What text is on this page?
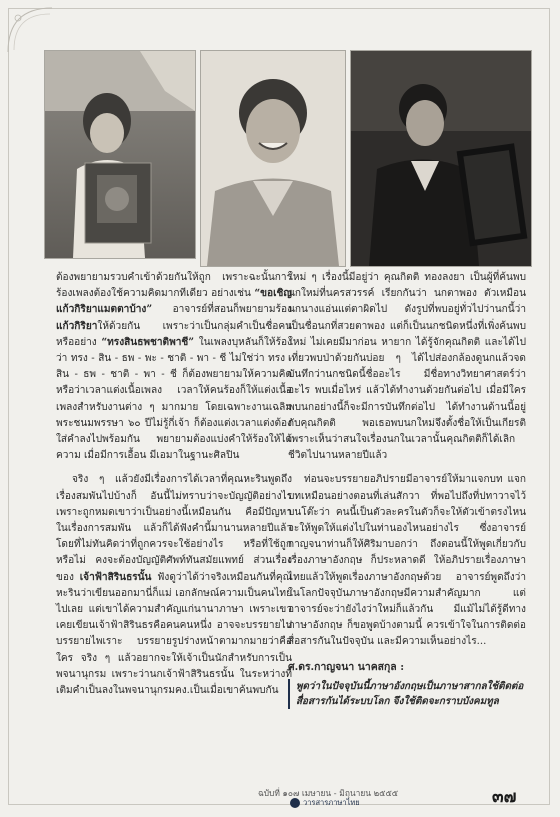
ต้องพยายามรวบคำเข้าด้วยกันให้ถูก เพราะฉะนั้นการร้องเพลงต้องใช้ความคิดมากทีเดียว อย่างเช่น “ขอเชิญแก้วกิริยาแมตตาบ้าง” อาจารย์ที่สอนก็พยายามร้องแก้วกิริยาให้ด้วยกัน เพราะว่าเป็นกลุ่มคำเป็นชื่อคน หรืออย่าง “ทรงสินธพชาติพาชี” ในเพลงบุหลันก็ให้ร้องว่า ทรง - สิน - ธพ - พะ - ชาติ - พา - ชี ไม่ใช่ว่า ทรง - สิน - ธพ - ชาติ - พา - ชี ก็ต้องพยายามให้ความคิด หรือว่าเวลาแต่งเนื้อเพลง เวลาให้คนร้องก็ให้แต่งเนื้อเพลงสำหรับงานต่าง ๆ มากมาย โดยเฉพาะงานเฉลิมพระชนมพรรษา ๖๐ ปีไม่รู้กี่เจ้า ก็ต้องแต่งเวลาแต่งต้องใส่คำลงไปพร้อมกัน พยายามต้องแบ่งคำให้ร้องให้ได้ความ เมื่อมีการเอื้อน มีเอมาในฐานะศิลปิน

จริง ๆ แล้วยังมีเรื่องการได้เวลาที่คุณหะรินพูดถึงเรื่องสมพันไปบ้างก็ อันนี้ไม่ทราบว่าจะบัญญัติอย่างไร เพราะถูกหมดเขาว่าเป็นอย่างนี้เหมือนกัน คือมีปัญหาในเรื่องการสมพัน แล้วก็ได้ฟังคำนี้มานานหลายปีแล้ว โดยที่ไม่ทันคิดว่าที่ถูกควรจะใช้อย่างไร หรือที่ใช้ถูกหรือไม่ คงจะต้องบัญญัติศัพท์ทันสมัยแพทย์ ส่วนเรื่องของ เจ้าฟ้าสิรินธรนั้น ฟังดูว่าได้ว่าจริงเหมือนกันที่คุณหะรินว่าเขียนออกมานี่ก็แม่ เอกลักษณ์ความเป็นคนไทยไปเลย แต่เขาได้ความสำคัญแก่นานาภาษา เพราะเขาเคยเขียนเจ้าฟ้าสิรินธรคือคนคนหนึ่ง อาจจะบรรยายไป บรรยายไพเราะ บรรยายรูปร่างหน้าตามากมายว่าคือใคร จริง ๆ แล้วอยากจะให้เจ้าเป็นนักสำหรับการเป็นพจนานุกรม เพราะว่านกเจ้าฟ้าสิรินธรนั้น ในระหว่างที่เติมคำเป็นลงในพจนานุกรมคง.เป็นเมื่อเขาค้นพบกัน

ใหม่ ๆ เรื่องนี้มีอยู่ว่า คุณกิตติ ทองลงยา เป็นผู้ที่ค้นพบนกใหม่ที่นครสวรรค์ เรียกกันว่า นกตาพอง ตัวเหมือนนกนางแอ่นแต่ตาผิดไป ดังรูปที่พบอยู่ทั่วไปว่านกนี้ว่าเป็นชื่อนกที่สวยตาพอง แต่ก็เป็นนกชนิดหนึ่งที่เพิ่งค้นพบใหม่ ไม่เคยมีมาก่อน หายาก ได้รู้จักคุณกิตติ และได้ไปเที่ยวพบป่าด้วยกันบ่อย ๆ ได้ไปส่องกล้องดูนกแล้วจดบันทึกว่านกชนิดนี้ชื่ออะไร มีชื่อทางวิทยาศาสตร์ว่าอะไร พบเมื่อไหร่ แล้วได้ทำงานด้วยกันต่อไป เมื่อมีใครพบนกอย่างนี้ก็จะมีการบันทึกต่อไป ได้ทำงานด้านนี้อยู่กับคุณกิตติ พอเธอพบนกใหม่จึงตั้งชื่อให้เป็นเกียรติ เพราะเห็นว่าสนใจเรื่องนกในเวลานั้นคุณกิตติก็ได้เลิกชีวิตไปนานหลายปีแล้ว

ท่อนจะบรรยายอภิปรายมีอาจารย์ให้มาแจกบท แจกบทเหมือนอย่างตอนที่เล่นสักวา ที่พอไปถึงที่ปทาวาจไว้บนโต๊ะว่า คนนี้เป็นตัวละครในตัวก็จะให้ตัวเข้าตรงไหนจะให้พูดให้แต่งไปในท่านองไหนอย่างไร ซึ่งอาจารย์กาญจนาท่านก็ให้ศิริมาบอกว่า ถึงตอนนี้ให้พูดเกี่ยวกับเรื่องภาษาอังกฤษ ก็ประหลาดดี ให้อภิปรายเรื่องภาษาไทยแล้วให้พูดเรื่องภาษาอังกฤษด้วย อาจารย์พูดถึงว่าในโลกปัจจุบันภาษาอังกฤษมีความสำคัญมาก แต่อาจารย์จะว่ายังไงว่าใหม่ก็แล้วกัน มีแม้ไม่ได้รู้ดีทางภาษาอังกฤษ ก็ขอพูดบ้างตามนี้ ควรเข้าใจในการติดต่อสื่อสารกันในปัจจุบัน และมีความเห็นอย่างไร...

ศ.ดร.กาญจนา นาคสกุล :
พูดว่าในปัจจุบันนี้ภาษาอังกฤษเป็นภาษาสากลใช้ติดต่อสื่อสารกันได้ระบบโลก จึงใช้ติดจะกราบบังคมทูล
ฉบับที่ ๑๐๗ เมษายน - มิถุนายน ๒๕๕๕
วารสารภาษาไทย	๓๗
